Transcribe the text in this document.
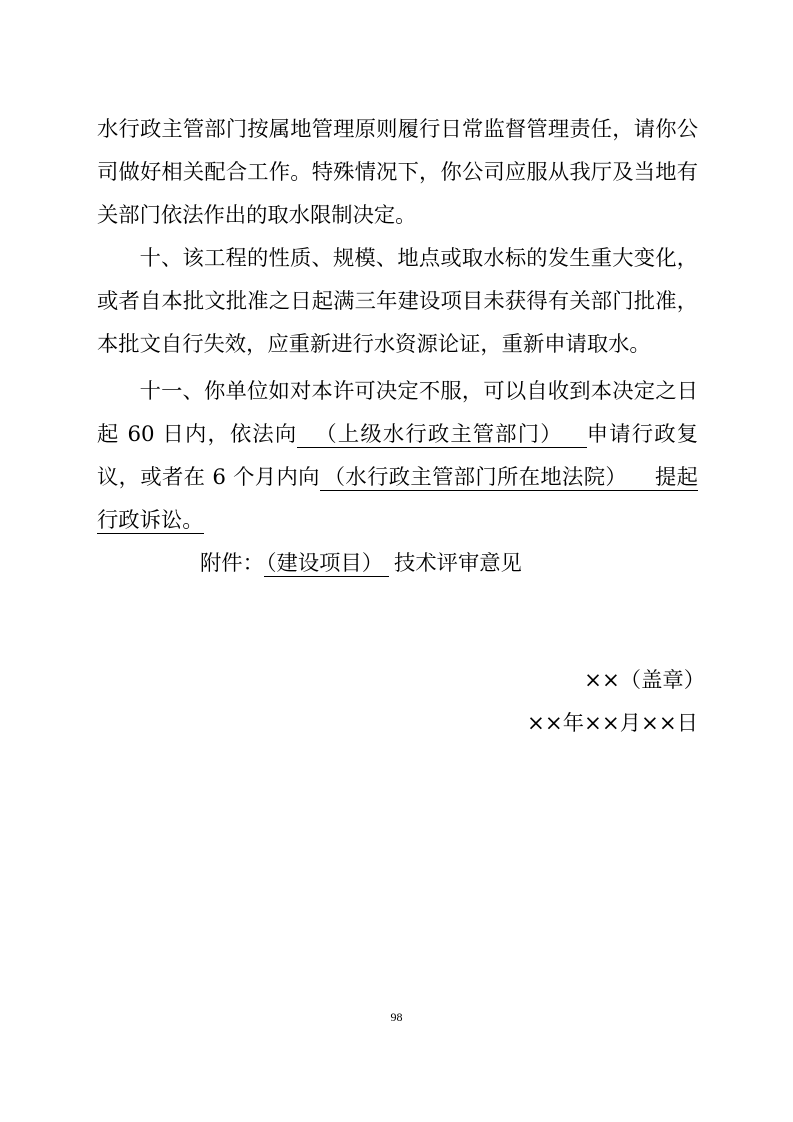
水行政主管部门按属地管理原则履行日常监督管理责任，请你公
司做好相关配合工作。特殊情况下，你公司应服从我厅及当地有
关部门依法作出的取水限制决定。
十、该工程的性质、规模、地点或取水标的发生重大变化，
或者自本批文批准之日起满三年建设项目未获得有关部门批准，
本批文自行失效，应重新进行水资源论证，重新申请取水。
十一、你单位如对本许可决定不服，可以自收到本决定之日
起 60 日内，依法向 （上级水行政主管部门） 申请行政复
议，或者在 6 个月内向 （水行政主管部门所在地法院） 提起
行政诉讼。
附件：（建设项目） 技术评审意见
××（盖章）
××年××月××日
98
